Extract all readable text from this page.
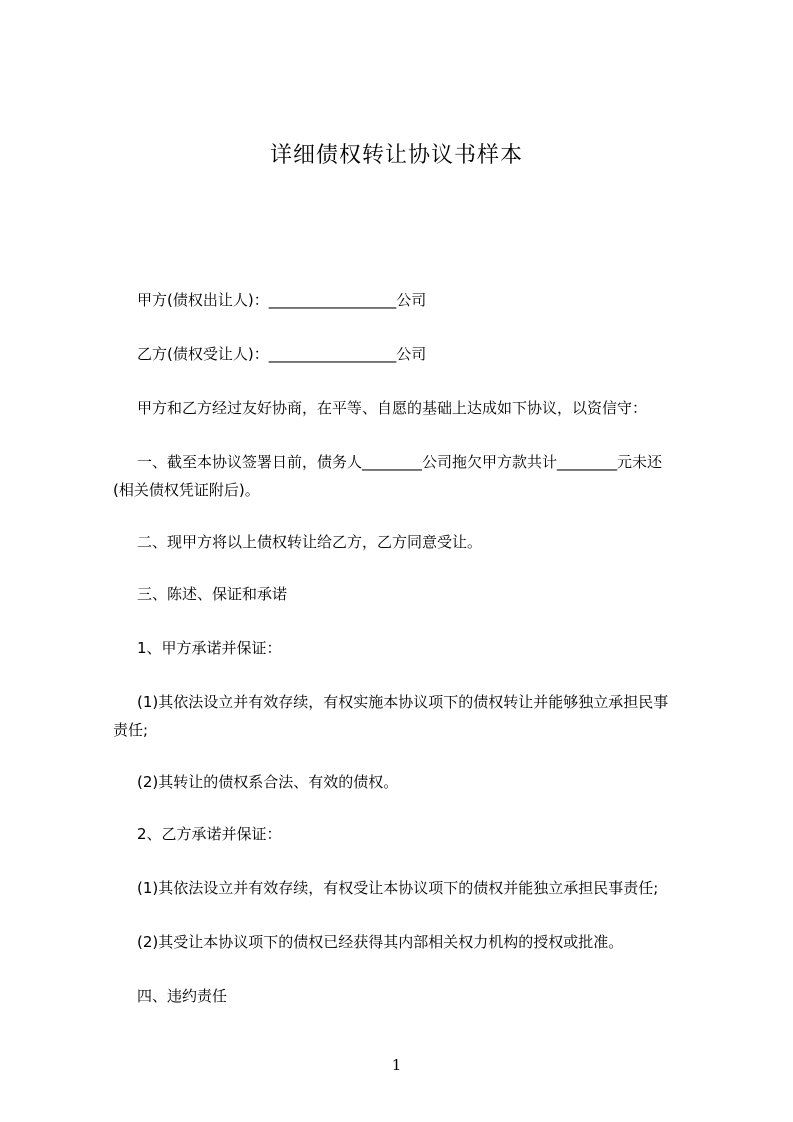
详细债权转让协议书样本
甲方(债权出让人)：_________________公司
乙方(债权受让人)：_________________公司
甲方和乙方经过友好协商，在平等、自愿的基础上达成如下协议，以资信守：
一、截至本协议签署日前，债务人________公司拖欠甲方款共计________元未还
(相关债权凭证附后)。
二、现甲方将以上债权转让给乙方，乙方同意受让。
三、陈述、保证和承诺
1、甲方承诺并保证：
(1)其依法设立并有效存续，有权实施本协议项下的债权转让并能够独立承担民事
责任;
(2)其转让的债权系合法、有效的债权。
2、乙方承诺并保证：
(1)其依法设立并有效存续，有权受让本协议项下的债权并能独立承担民事责任;
(2)其受让本协议项下的债权已经获得其内部相关权力机构的授权或批准。
四、违约责任
1
